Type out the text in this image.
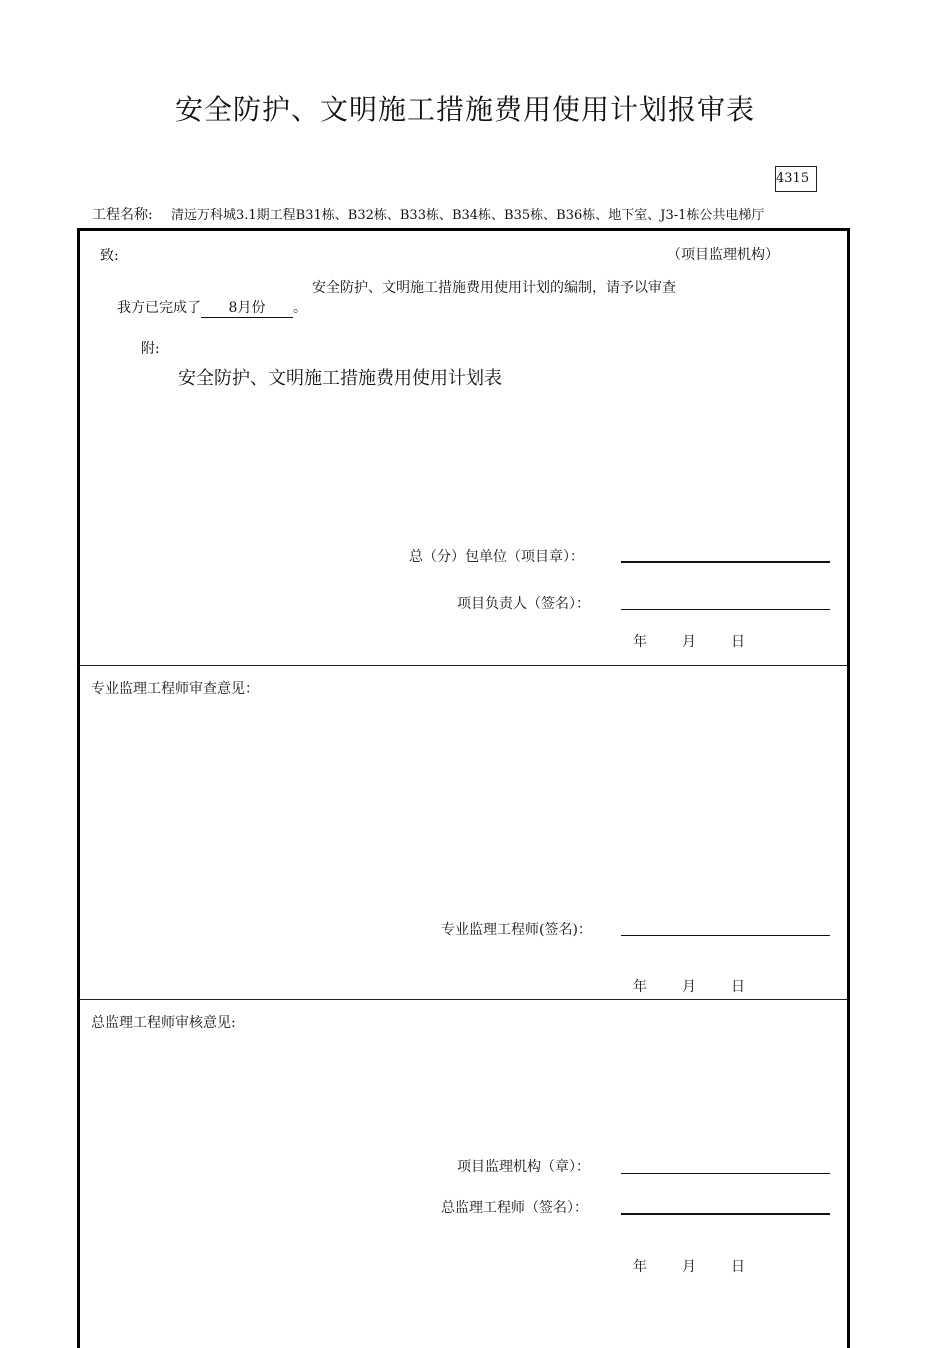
安全防护、文明施工措施费用使用计划报审表
4315
工程名称: 清远万科城3.1期工程B31栋、B32栋、B33栋、B34栋、B35栋、B36栋、地下室、J3-1栋公共电梯厅
致:	（项目监理机构）
安全防护、文明施工措施费用使用计划的编制，请予以审查
我方已完成了 8月份 。
附:
安全防护、文明施工措施费用使用计划表
总（分）包单位（项目章）：
项目负责人（签名）：
年	月	日
专业监理工程师审查意见：
专业监理工程师(签名)：
年	月	日
总监理工程师审核意见:
项目监理机构（章）：
总监理工程师（签名）：
年	月	日
